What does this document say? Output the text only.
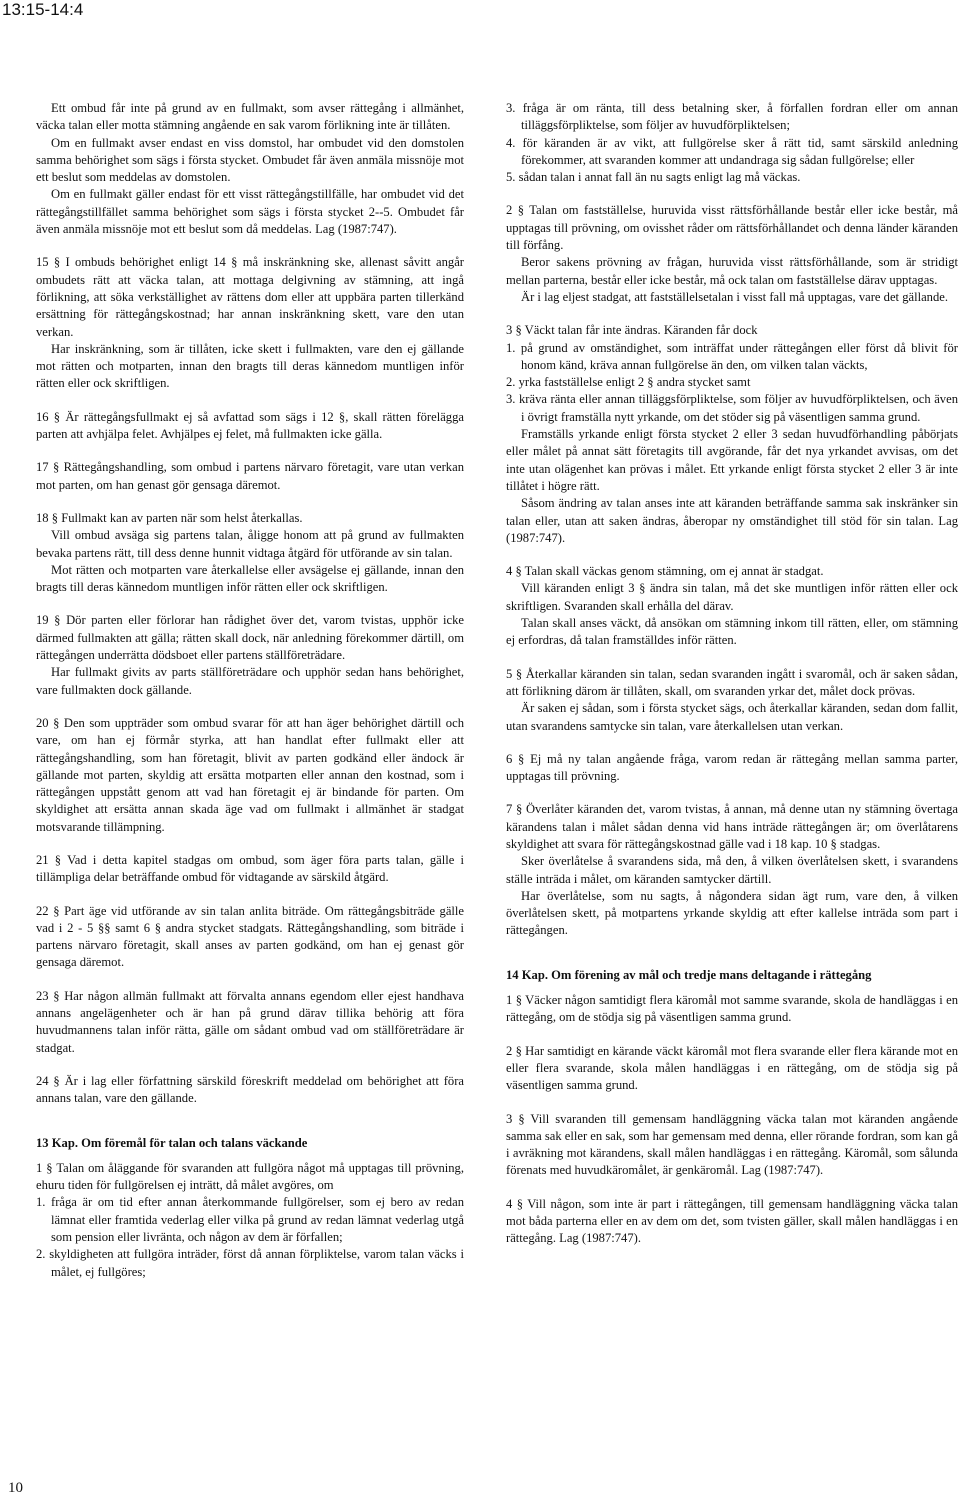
13:15-14:4

Ett ombud får inte på grund av en fullmakt, som avser rättegång i allmänhet, väcka talan eller motta stämning angående en sak varom förlikning inte är tillåten.

Om en fullmakt avser endast en viss domstol, har ombudet vid den domstolen samma behörighet som sägs i första stycket. Ombudet får även anmäla missnöje mot ett beslut som meddelas av domstolen.

Om en fullmakt gäller endast för ett visst rättegångstillfälle, har ombudet vid det rättegångstillfället samma behörighet som sägs i första stycket 2--5. Ombudet får även anmäla missnöje mot ett beslut som då meddelas. Lag (1987:747).

15 § I ombuds behörighet enligt 14 § må inskränkning ske, allenast såvitt angår ombudets rätt att väcka talan, att mottaga delgivning av stämning, att ingå förlikning, att söka verkställighet av rättens dom eller att uppbära parten tillerkänd ersättning för rättegångskostnad; har annan inskränkning skett, vare den utan verkan.

Har inskränkning, som är tillåten, icke skett i fullmakten, vare den ej gällande mot rätten och motparten, innan den bragts till deras kännedom muntligen inför rätten eller ock skriftligen.

16 § Är rättegångsfullmakt ej så avfattad som sägs i 12 §, skall rätten förelägga parten att avhjälpa felet. Avhjälpes ej felet, må fullmakten icke gälla.

17 § Rättegångshandling, som ombud i partens närvaro företagit, vare utan verkan mot parten, om han genast gör gensaga däremot.

18 § Fullmakt kan av parten när som helst återkallas.

Vill ombud avsäga sig partens talan, åligge honom att på grund av fullmakten bevaka partens rätt, till dess denne hunnit vidtaga åtgärd för utförande av sin talan.

Mot rätten och motparten vare återkallelse eller avsägelse ej gällande, innan den bragts till deras kännedom muntligen inför rätten eller ock skriftligen.

19 § Dör parten eller förlorar han rådighet över det, varom tvistas, upphör icke därmed fullmakten att gälla; rätten skall dock, när anledning förekommer därtill, om rättegången underrätta dödsboet eller partens ställföreträdare.

Har fullmakt givits av parts ställföreträdare och upphör sedan hans behörighet, vare fullmakten dock gällande.

20 § Den som uppträder som ombud svarar för att han äger behörighet därtill och vare, om han ej förmår styrka, att han handlat efter fullmakt eller att rättegångshandling, som han företagit, blivit av parten godkänd eller ändock är gällande mot parten, skyldig att ersätta motparten eller annan den kostnad, som i rättegången uppstått genom att vad han företagit ej är bindande för parten. Om skyldighet att ersätta annan skada äge vad om fullmakt i allmänhet är stadgat motsvarande tillämpning.

21 § Vad i detta kapitel stadgas om ombud, som äger föra parts talan, gälle i tillämpliga delar beträffande ombud för vidtagande av särskild åtgärd.

22 § Part äge vid utförande av sin talan anlita biträde. Om rättegångsbiträde gälle vad i 2 - 5 §§ samt 6 § andra stycket stadgats. Rättegångshandling, som biträde i partens närvaro företagit, skall anses av parten godkänd, om han ej genast gör gensaga däremot.

23 § Har någon allmän fullmakt att förvalta annans egendom eller ejest handhava annans angelägenheter och är han på grund därav tillika behörig att föra huvudmannens talan inför rätta, gälle om sådant ombud vad om ställföreträdare är stadgat.

24 § Är i lag eller författning särskild föreskrift meddelad om behörighet att föra annans talan, vare den gällande.

13 Kap. Om föremål för talan och talans väckande

1 § Talan om åläggande för svaranden att fullgöra något må upptagas till prövning, ehuru tiden för fullgörelsen ej inträtt, då målet avgöres, om

1. fråga är om tid efter annan återkommande fullgörelser, som ej bero av redan lämnat eller framtida vederlag eller vilka på grund av redan lämnat vederlag utgå som pension eller livränta, och någon av dem är förfallen;

2. skyldigheten att fullgöra inträder, först då annan förpliktelse, varom talan väcks i målet, ej fullgöres;

3. fråga är om ränta, till dess betalning sker, å förfallen fordran eller om annan tilläggsförpliktelse, som följer av huvudförpliktelsen;

4. för käranden är av vikt, att fullgörelse sker å rätt tid, samt särskild anledning förekommer, att svaranden kommer att undandraga sig sådan fullgörelse; eller

5. sådan talan i annat fall än nu sagts enligt lag må väckas.

2 § Talan om fastställelse, huruvida visst rättsförhållande består eller icke består, må upptagas till prövning, om ovisshet råder om rättsförhållandet och denna länder käranden till förfång.

Beror sakens prövning av frågan, huruvida visst rättsförhållande, som är stridigt mellan parterna, består eller icke består, må ock talan om fastställelse därav upptagas.

Är i lag eljest stadgat, att fastställelsetalan i visst fall må upptagas, vare det gällande.

3 § Väckt talan får inte ändras. Käranden får dock

1. på grund av omständighet, som inträffat under rättegången eller först då blivit för honom känd, kräva annan fullgörelse än den, om vilken talan väckts,

2. yrka fastställelse enligt 2 § andra stycket samt

3. kräva ränta eller annan tilläggsförpliktelse, som följer av huvudförpliktelsen, och även i övrigt framställa nytt yrkande, om det stöder sig på väsentligen samma grund.

Framställs yrkande enligt första stycket 2 eller 3 sedan huvudförhandling påbörjats eller målet på annat sätt företagits till avgörande, får det nya yrkandet avvisas, om det inte utan olägenhet kan prövas i målet. Ett yrkande enligt första stycket 2 eller 3 är inte tillåtet i högre rätt.

Såsom ändring av talan anses inte att käranden beträffande samma sak inskränker sin talan eller, utan att saken ändras, åberopar ny omständighet till stöd för sin talan. Lag (1987:747).

4 § Talan skall väckas genom stämning, om ej annat är stadgat.

Vill käranden enligt 3 § ändra sin talan, må det ske muntligen inför rätten eller ock skriftligen. Svaranden skall erhålla del därav.

Talan skall anses väckt, då ansökan om stämning inkom till rätten, eller, om stämning ej erfordras, då talan framställdes inför rätten.

5 § Återkallar käranden sin talan, sedan svaranden ingått i svaromål, och är saken sådan, att förlikning därom är tillåten, skall, om svaranden yrkar det, målet dock prövas.

Är saken ej sådan, som i första stycket sägs, och återkallar käranden, sedan dom fallit, utan svarandens samtycke sin talan, vare återkallelsen utan verkan.

6 § Ej må ny talan angående fråga, varom redan är rättegång mellan samma parter, upptagas till prövning.

7 § Överlåter käranden det, varom tvistas, å annan, må denne utan ny stämning övertaga kärandens talan i målet sådan denna vid hans inträde rättegången är; om överlåtarens skyldighet att svara för rättegångskostnad gälle vad i 18 kap. 10 § stadgas.

Sker överlåtelse å svarandens sida, må den, å vilken överlåtelsen skett, i svarandens ställe inträda i målet, om käranden samtycker därtill.

Har överlåtelse, som nu sagts, å någondera sidan ägt rum, vare den, å vilken överlåtelsen skett, på motpartens yrkande skyldig att efter kallelse inträda som part i rättegången.

14 Kap. Om förening av mål och tredje mans deltagande i rättegång

1 § Väcker någon samtidigt flera käromål mot samme svarande, skola de handläggas i en rättegång, om de stödja sig på väsentligen samma grund.

2 § Har samtidigt en kärande väckt käromål mot flera svarande eller flera kärande mot en eller flera svarande, skola målen handläggas i en rättegång, om de stödja sig på väsentligen samma grund.

3 § Vill svaranden till gemensam handläggning väcka talan mot käranden angående samma sak eller en sak, som har gemensam med denna, eller rörande fordran, som kan gå i avräkning mot kärandens, skall målen handläggas i en rättegång. Käromål, som sålunda förenats med huvudkäromålet, är genkäromål. Lag (1987:747).

4 § Vill någon, som inte är part i rättegången, till gemensam handläggning väcka talan mot båda parterna eller en av dem om det, som tvisten gäller, skall målen handläggas i en rättegång. Lag (1987:747).

10
